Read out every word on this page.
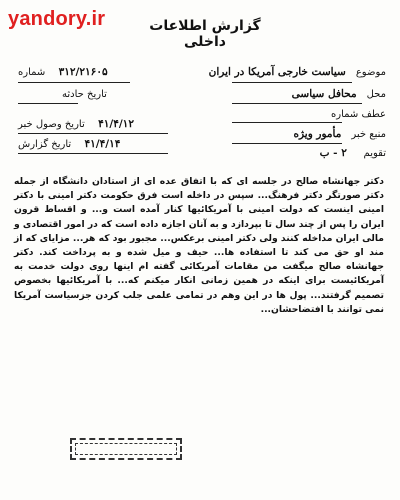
yandory.ir	گزارش اطلاعات داخلی
موضوع   سیاست خارجی آمریکا در ایران
محل   محافل سیاسی
عطف شماره
منبع خبر   مأمور ویژه
تقویم     ۲ - ب
۳۱۲/۲۱۶۰۵    شماره
تاریخ حادثه
۴۱/۴/۱۲    تاریخ وصول خبر
۴۱/۴/۱۴    تاریخ گزارش
دکتر جهانشاه صالح در جلسه ای که با اتفاق عده ای از استادان دانشگاه از جمله دکتر صورتگر دکتر فرهنگ... سپس در داخله است فرق حکومت دکتر امینی با دکتر امینی اینست که دولت امینی با آمریکائیها کنار آمده است و... و اقساط قرون ایران را پس از چند سال تا بپردازد و به آنان اجازه داده است که در امور اقتصادی و مالی ایران مداخله کنند ولی دکتر امینی برعکس... مجبور بود که هر... مزایای که از مند او حق می کند تا استفاده ها... حیف و میل شده و به پرداخت کند. دکتر جهانشاه صالح میگفت من مقامات آمریکائی گفته ام اینها روی دولت خدمت به آمریکائیست برای اینکه در همین زمانی انکار میکنم که... با آمریکائیها بخصوص تصمیم گرفتند... پول ها در این وهم در تمامی علمی جلب کردن جزسیاست آمریکا نمی توانند با افتضاحشان...
